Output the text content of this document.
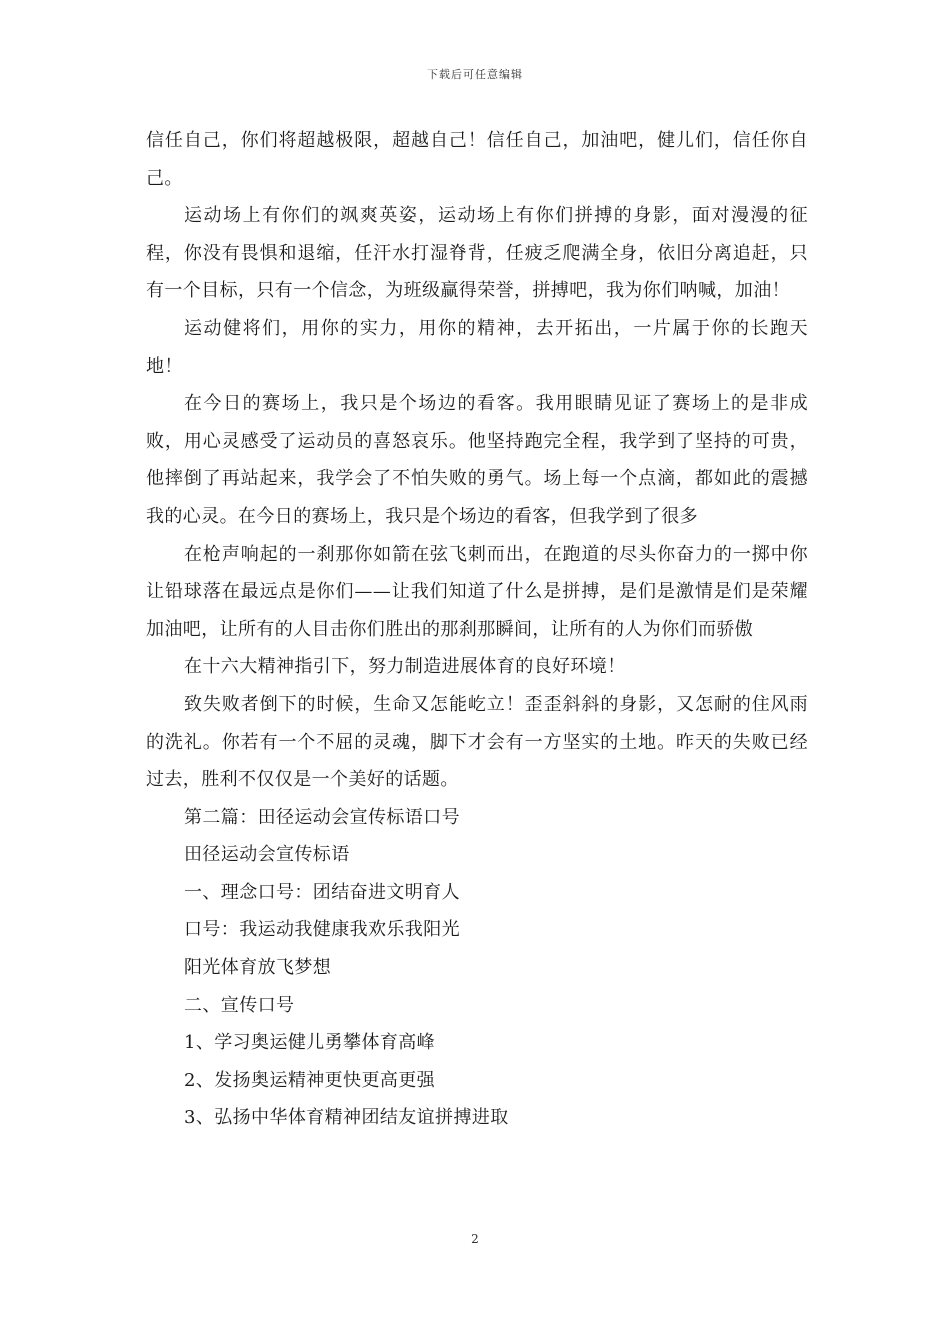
下载后可任意编辑

信任自己，你们将超越极限，超越自己！信任自己，加油吧，健儿们，信任你自己。

运动场上有你们的飒爽英姿，运动场上有你们拼搏的身影，面对漫漫的征程，你没有畏惧和退缩，任汗水打湿脊背，任疲乏爬满全身，依旧分离追赶，只有一个目标，只有一个信念，为班级赢得荣誉，拼搏吧，我为你们呐喊，加油！

运动健将们，用你的实力，用你的精神，去开拓出，一片属于你的长跑天地！

在今日的赛场上，我只是个场边的看客。我用眼睛见证了赛场上的是非成败，用心灵感受了运动员的喜怒哀乐。他坚持跑完全程，我学到了坚持的可贵，他摔倒了再站起来，我学会了不怕失败的勇气。场上每一个点滴，都如此的震撼我的心灵。在今日的赛场上，我只是个场边的看客，但我学到了很多

在枪声响起的一刹那你如箭在弦飞刺而出，在跑道的尽头你奋力的一掷中你让铅球落在最远点是你们——让我们知道了什么是拼搏，是们是激情是们是荣耀加油吧，让所有的人目击你们胜出的那刹那瞬间，让所有的人为你们而骄傲

在十六大精神指引下，努力制造进展体育的良好环境！

致失败者倒下的时候，生命又怎能屹立！歪歪斜斜的身影，又怎耐的住风雨的洗礼。你若有一个不屈的灵魂，脚下才会有一方坚实的土地。昨天的失败已经过去，胜利不仅仅是一个美好的话题。

第二篇：田径运动会宣传标语口号

田径运动会宣传标语

一、理念口号：团结奋进文明育人

口号：我运动我健康我欢乐我阳光

阳光体育放飞梦想

二、宣传口号

1、学习奥运健儿勇攀体育高峰

2、发扬奥运精神更快更高更强

3、弘扬中华体育精神团结友谊拼搏进取

2
